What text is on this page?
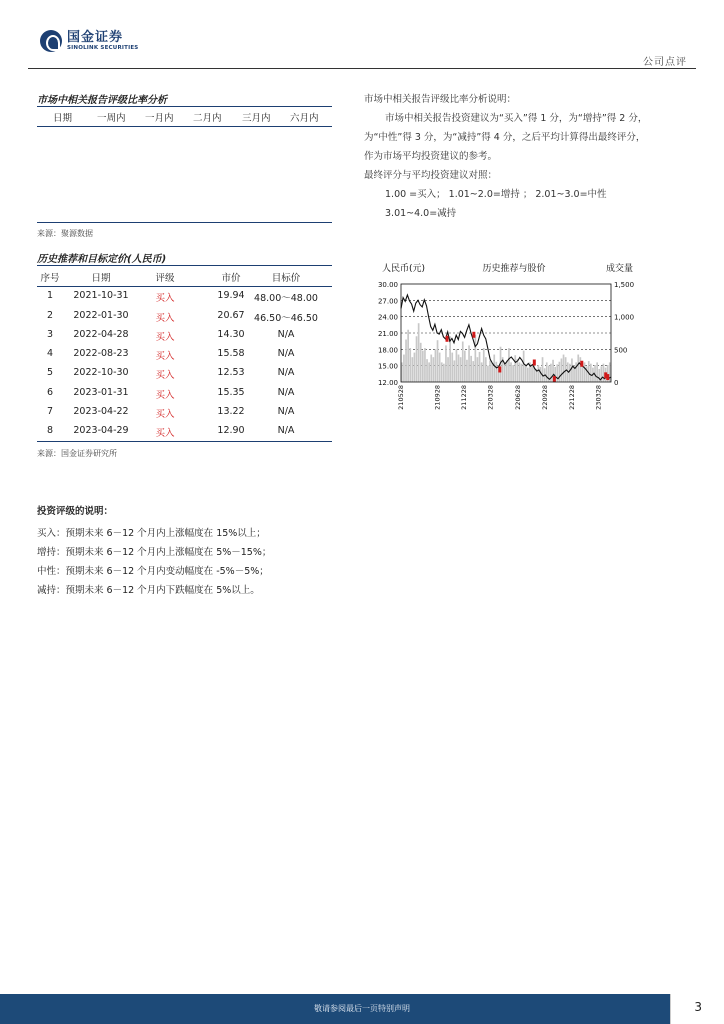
国金证券
SINOLINK SECURITIES
公司点评
市场中相关报告评级比率分析
日期	一周内 一月内 二月内 三月内 六月内
来源：聚源数据
市场中相关报告评级比率分析说明：
市场中相关报告投资建议为“买入”得 1 分，为“增持”得 2 分，
为“中性”得 3 分，为“减持”得 4 分，之后平均计算得出最终评分，
作为市场平均投资建议的参考。
最终评分与平均投资建议对照：
1.00 =买入； 1.01~2.0=增持 ； 2.01~3.0=中性
3.01~4.0=减持
历史推荐和目标定价(人民币)
序号	日期	评级	市价	目标价
1 2021-10-31	买入	19.94 48.00～48.00
2 2022-01-30	买入	20.67 46.50～46.50
3 2022-04-28	买入	14.30	N/A
4 2022-08-23	买入	15.58	N/A
5 2022-10-30	买入	12.53	N/A
6 2023-01-31	买入	15.35	N/A
7 2023-04-22	买入	13.22	N/A
8 2023-04-29	买入	12.90	N/A
来源：国金证券研究所
人民币(元)	历史推荐与股价	成交量
30.00
27.00
24.00
21.00
18.00
15.00
12.00
1,500
1,000
500
0
210528	210928	211228	220328	220628	220928	221228	230328
投资评级的说明：
买入：预期未来 6－12 个月内上涨幅度在 15%以上；
增持：预期未来 6－12 个月内上涨幅度在 5%－15%；
中性：预期未来 6－12 个月内变动幅度在 -5%－5%；
减持：预期未来 6－12 个月内下跌幅度在 5%以上。
敬请参阅最后一页特别声明	3
